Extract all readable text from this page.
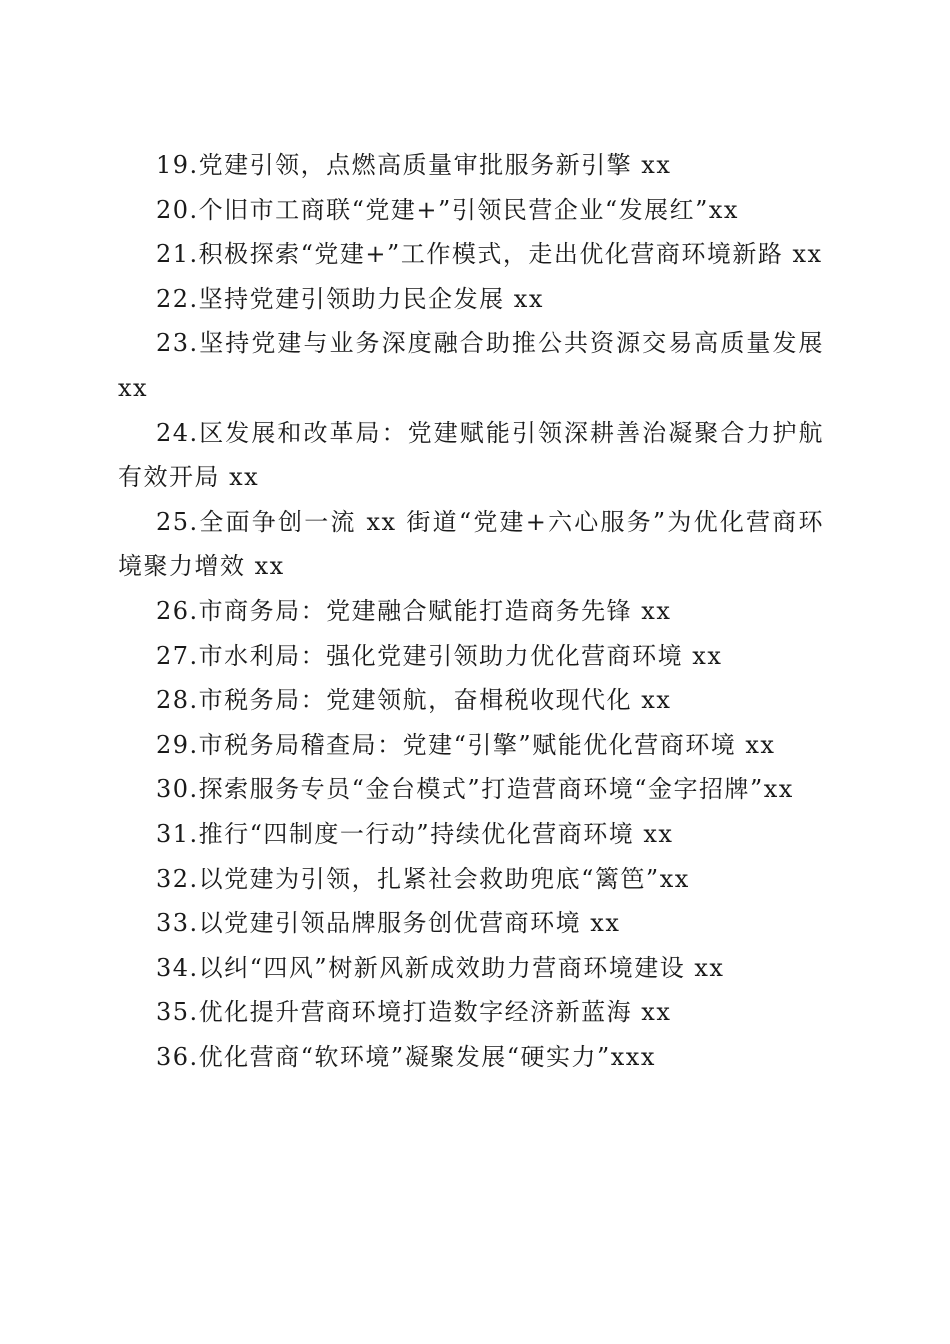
19.党建引领，点燃高质量审批服务新引擎 xx

20.个旧市工商联“党建+”引领民营企业“发展红”xx

21.积极探索“党建+”工作模式，走出优化营商环境新路 xx

22.坚持党建引领助力民企发展 xx

23.坚持党建与业务深度融合助推公共资源交易高质量发展 xx

24.区发展和改革局：党建赋能引领深耕善治凝聚合力护航有效开局 xx

25.全面争创一流 xx 街道“党建+六心服务”为优化营商环境聚力增效 xx

26.市商务局：党建融合赋能打造商务先锋 xx

27.市水利局：强化党建引领助力优化营商环境 xx

28.市税务局：党建领航，奋楫税收现代化 xx

29.市税务局稽查局：党建“引擎”赋能优化营商环境 xx

30.探索服务专员“金台模式”打造营商环境“金字招牌”xx

31.推行“四制度一行动”持续优化营商环境 xx

32.以党建为引领，扎紧社会救助兜底“篱笆”xx

33.以党建引领品牌服务创优营商环境 xx

34.以纠“四风”树新风新成效助力营商环境建设 xx

35.优化提升营商环境打造数字经济新蓝海 xx

36.优化营商“软环境”凝聚发展“硬实力”xxx
